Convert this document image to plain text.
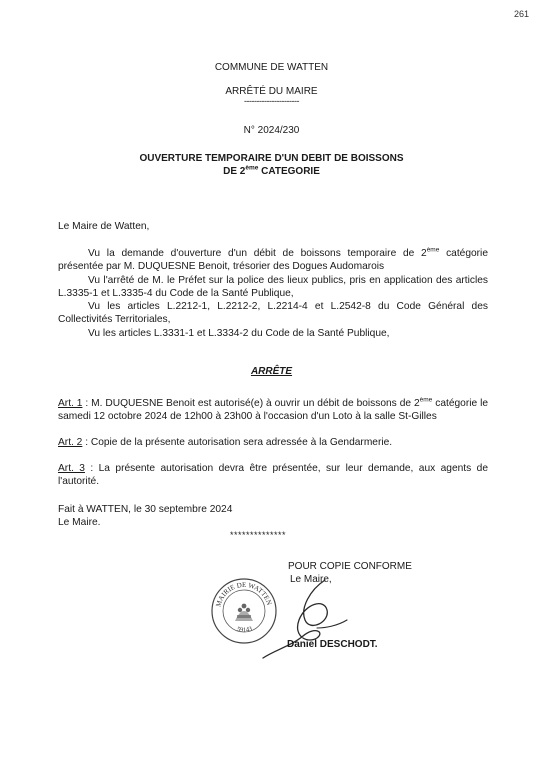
261
COMMUNE DE WATTEN
ARRÊTÉ DU MAIRE
----------------------
N° 2024/230
OUVERTURE TEMPORAIRE D'UN DEBIT DE BOISSONS
DE 2ème CATEGORIE
Le Maire de Watten,

Vu la demande d'ouverture d'un débit de boissons temporaire de 2ème catégorie présentée par M. DUQUESNE Benoit, trésorier des Dogues Audomarois

Vu l'arrêté de M. le Préfet sur la police des lieux publics, pris en application des articles L.3335-1 et L.3335-4 du Code de la Santé Publique,

Vu les articles L.2212-1, L.2212-2, L.2214-4 et L.2542-8 du Code Général des Collectivités Territoriales,

Vu les articles L.3331-1 et L.3334-2 du Code de la Santé Publique,

ARRÊTE
Art. 1 : M. DUQUESNE Benoit est autorisé(e) à ouvrir un débit de boissons de 2ème catégorie le samedi 12 octobre 2024 de 12h00 à 23h00 à l'occasion d'un Loto à la salle St-Gilles
Art. 2 : Copie de la présente autorisation sera adressée à la Gendarmerie.
Art. 3 : La présente autorisation devra être présentée, sur leur demande, aux agents de l'autorité.
Fait à WATTEN, le 30 septembre 2024
Le Maire.
**************
POUR COPIE CONFORME
Le Maire,
MAIRIE DE WATTEN
59143
Daniel DESCHODT.
